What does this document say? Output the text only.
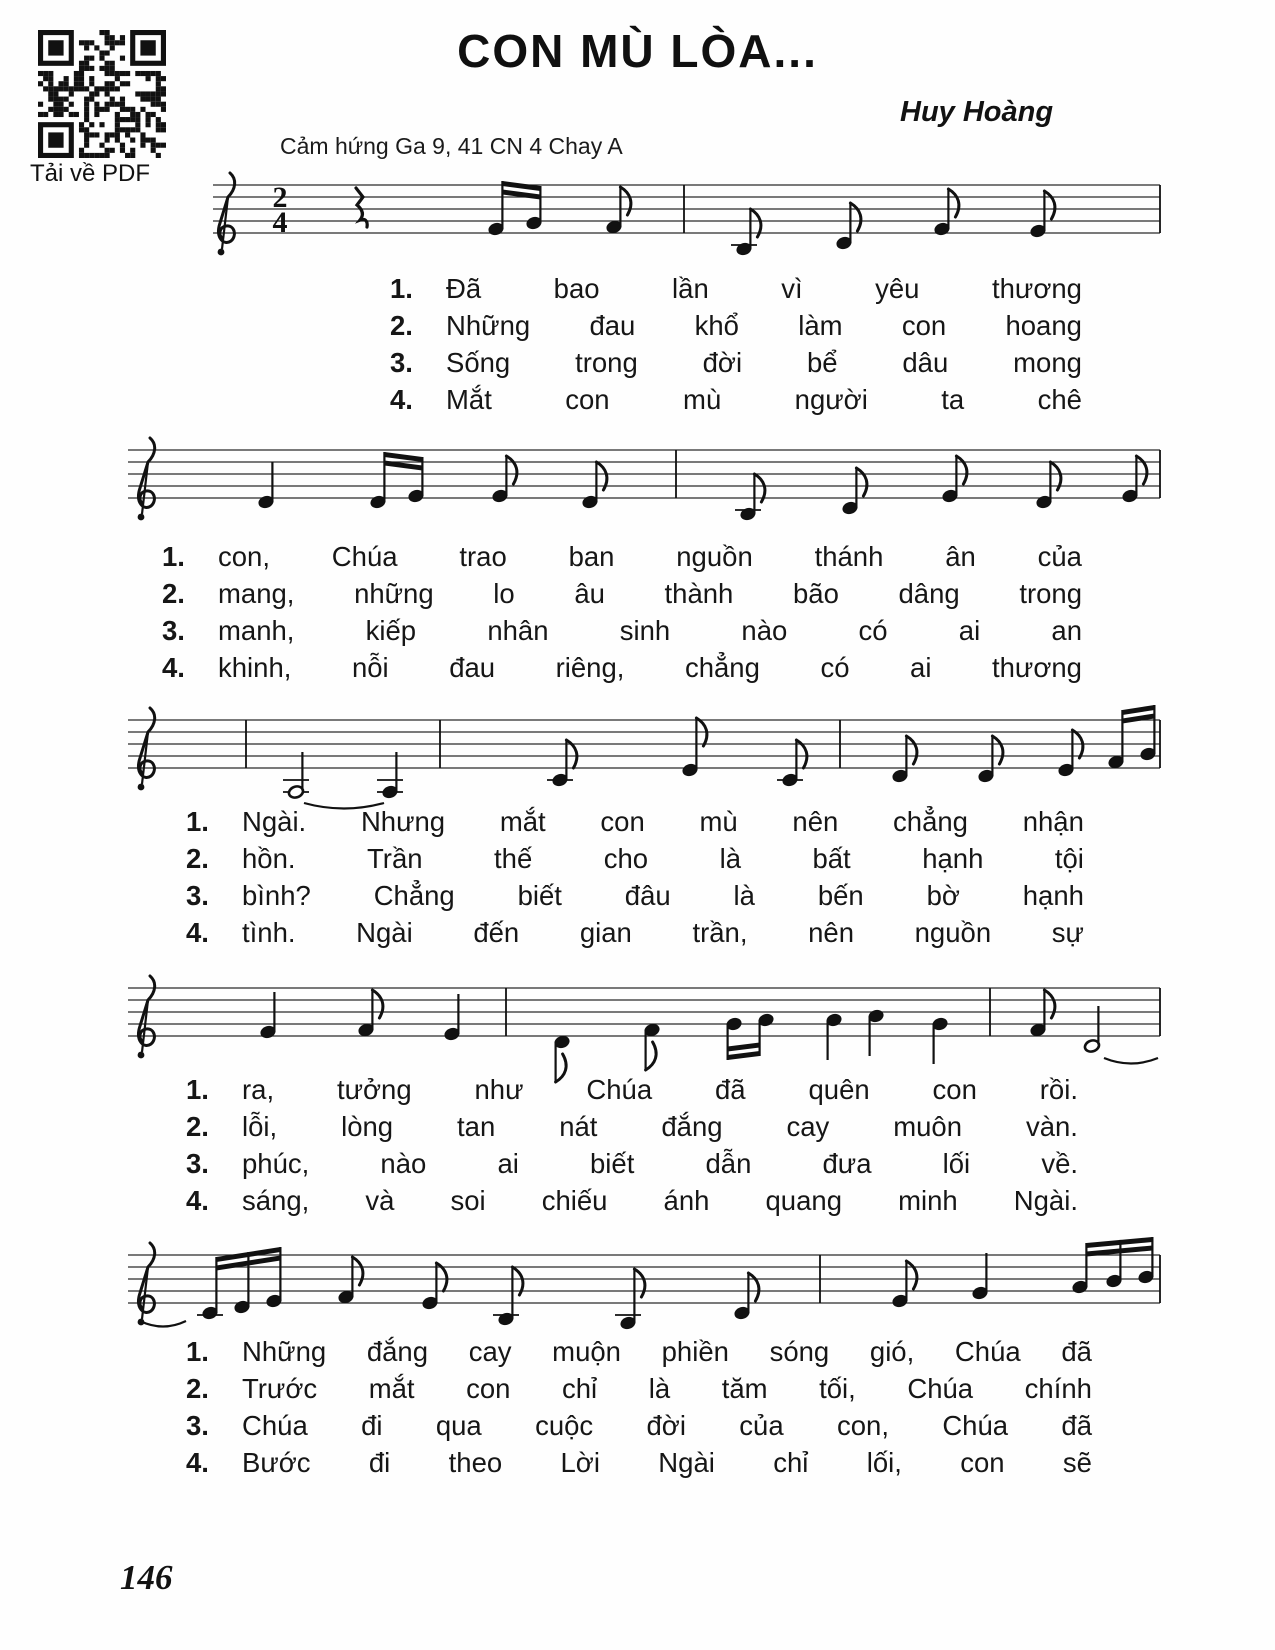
Tải về PDF
CON MÙ LÒA...
Huy Hoàng
Cảm hứng Ga 9, 41 CN 4 Chay A
2
4
1.	Đã	bao	lần	vì	yêu	thương
2.	Những đau khổ làm con hoang
3.	Sống trong đời bể dâu mong
4.	Mắt	con	mù	người	ta	chê
1.	con, Chúa trao ban nguồn thánh ân của
2.	mang, những lo âu thành bão dâng trong
3.	manh,	kiếp	nhân	sinh	nào	có	ai	an
4.	khinh, nỗi đau riêng, chẳng có ai thương
1.	Ngài. Nhưng mắt con mù nên chẳng nhận
2.	hồn.	Trần	thế	cho	là	bất	hạnh	tội
3.	bình? Chẳng biết đâu là bến bờ hạnh
4.	tình. Ngài đến gian trần, nên nguồn sự
1.	ra, tưởng như Chúa đã quên con rồi.
2.	lỗi, lòng tan nát đắng cay muôn vàn.
3.	phúc,	nào	ai	biết	dẫn	đưa	lối	về.
4.	sáng, và soi chiếu ánh quang minh Ngài.
1.	Những đắng cay muộn phiền sóng gió, Chúa đã
2.	Trước mắt con chỉ là tăm tối, Chúa chính
3.	Chúa đi qua cuộc đời của con, Chúa đã
4.	Bước đi theo Lời Ngài chỉ lối, con sẽ
146
